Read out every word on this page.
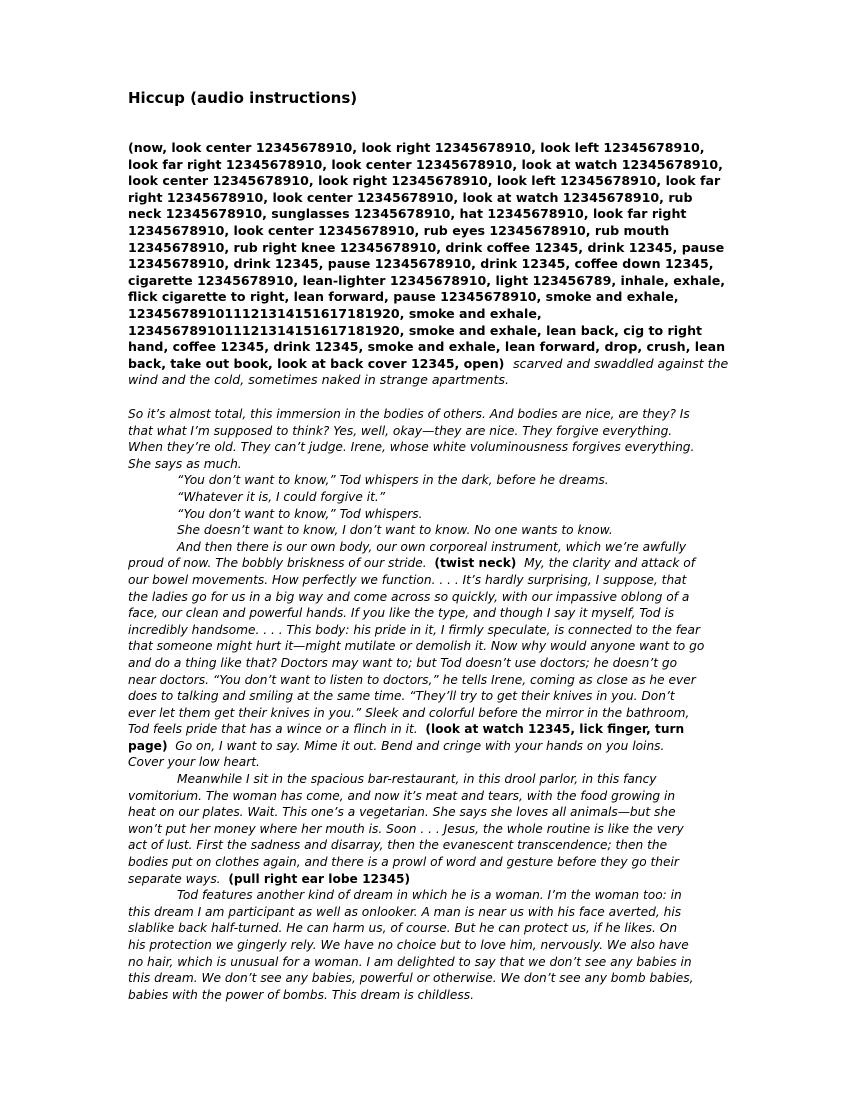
Hiccup (audio instructions)
(now, look center 12345678910, look right 12345678910, look left 12345678910,
look far right 12345678910, look center 12345678910, look at watch 12345678910,
look center 12345678910, look right 12345678910, look left 12345678910, look far
right 12345678910, look center 12345678910, look at watch 12345678910, rub
neck 12345678910, sunglasses 12345678910, hat 12345678910, look far right
12345678910, look center 12345678910, rub eyes 12345678910, rub mouth
12345678910, rub right knee 12345678910, drink coffee 12345, drink 12345, pause
12345678910, drink 12345, pause 12345678910, drink 12345, coffee down 12345,
cigarette 12345678910, lean-lighter 12345678910, light 123456789, inhale, exhale,
flick cigarette to right, lean forward, pause 12345678910, smoke and exhale,
1234567891011121314151617181920, smoke and exhale,
1234567891011121314151617181920, smoke and exhale, lean back, cig to right
hand, coffee 12345, drink 12345, smoke and exhale, lean forward, drop, crush, lean
back, take out book, look at back cover 12345, open) scarved and swaddled against the
wind and the cold, sometimes naked in strange apartments.
So it’s almost total, this immersion in the bodies of others. And bodies are nice, are they? Is
that what I’m supposed to think? Yes, well, okay—they are nice. They forgive everything.
When they’re old. They can’t judge. Irene, whose white voluminousness forgives everything.
She says as much.
“You don’t want to know,” Tod whispers in the dark, before he dreams.
“Whatever it is, I could forgive it.”
“You don’t want to know,” Tod whispers.
She doesn’t want to know, I don’t want to know. No one wants to know.
And then there is our own body, our own corporeal instrument, which we’re awfully
proud of now. The bobbly briskness of our stride. (twist neck) My, the clarity and attack of
our bowel movements. How perfectly we function. . . . It’s hardly surprising, I suppose, that
the ladies go for us in a big way and come across so quickly, with our impassive oblong of a
face, our clean and powerful hands. If you like the type, and though I say it myself, Tod is
incredibly handsome. . . . This body: his pride in it, I firmly speculate, is connected to the fear
that someone might hurt it—might mutilate or demolish it. Now why would anyone want to go
and do a thing like that? Doctors may want to; but Tod doesn’t use doctors; he doesn’t go
near doctors. “You don’t want to listen to doctors,” he tells Irene, coming as close as he ever
does to talking and smiling at the same time. “They’ll try to get their knives in you. Don’t
ever let them get their knives in you.” Sleek and colorful before the mirror in the bathroom,
Tod feels pride that has a wince or a flinch in it. (look at watch 12345, lick finger, turn
page) Go on, I want to say. Mime it out. Bend and cringe with your hands on you loins.
Cover your low heart.
Meanwhile I sit in the spacious bar-restaurant, in this drool parlor, in this fancy
vomitorium. The woman has come, and now it’s meat and tears, with the food growing in
heat on our plates. Wait. This one’s a vegetarian. She says she loves all animals—but she
won’t put her money where her mouth is. Soon . . . Jesus, the whole routine is like the very
act of lust. First the sadness and disarray, then the evanescent transcendence; then the
bodies put on clothes again, and there is a prowl of word and gesture before they go their
separate ways. (pull right ear lobe 12345)
Tod features another kind of dream in which he is a woman. I’m the woman too: in
this dream I am participant as well as onlooker. A man is near us with his face averted, his
slablike back half-turned. He can harm us, of course. But he can protect us, if he likes. On
his protection we gingerly rely. We have no choice but to love him, nervously. We also have
no hair, which is unusual for a woman. I am delighted to say that we don’t see any babies in
this dream. We don’t see any babies, powerful or otherwise. We don’t see any bomb babies,
babies with the power of bombs. This dream is childless.
